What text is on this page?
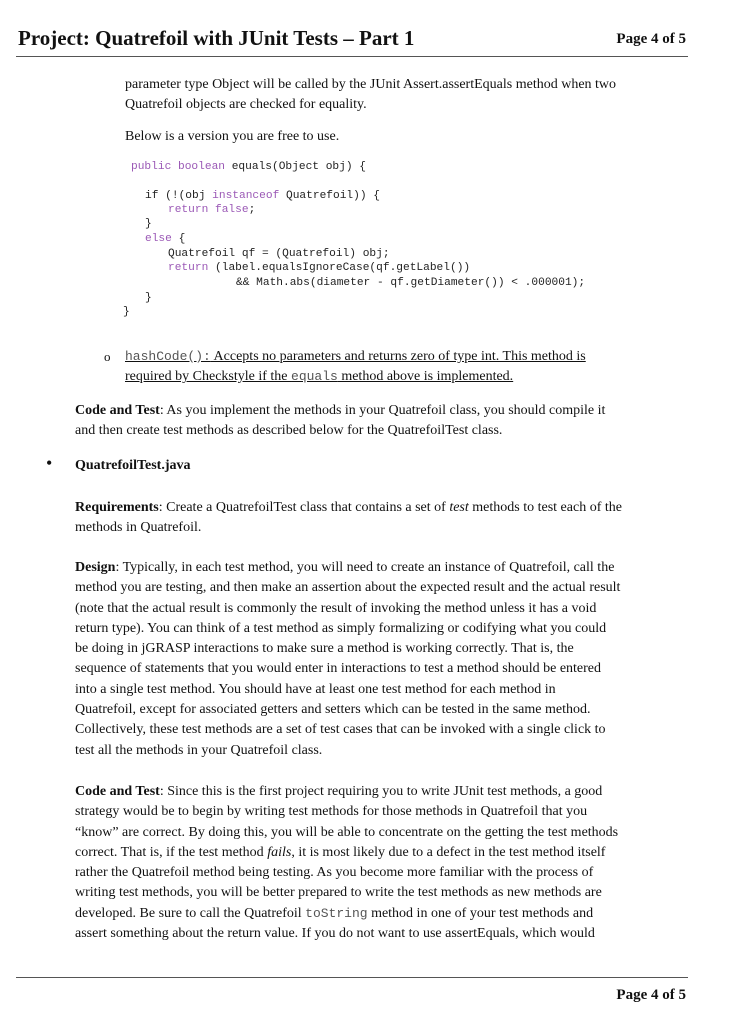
Project: Quatrefoil with JUnit Tests – Part 1	Page 4 of 5

parameter type Object will be called by the JUnit Assert.assertEquals method when two
Quatrefoil objects are checked for equality.

Below is a version you are free to use.

public boolean equals(Object obj) {
if (!(obj instanceof Quatrefoil)) {
return false;
}
else {
Quatrefoil qf = (Quatrefoil) obj;
return (label.equalsIgnoreCase(qf.getLabel())
&& Math.abs(diameter - qf.getDiameter()) < .000001);
}
}
o hashCode(): Accepts no parameters and returns zero of type int. This method is
required by Checkstyle if the equals method above is implemented.

Code and Test: As you implement the methods in your Quatrefoil class, you should compile it
and then create test methods as described below for the QuatrefoilTest class.

• QuatrefoilTest.java

Requirements: Create a QuatrefoilTest class that contains a set of test methods to test each of the
methods in Quatrefoil.

Design: Typically, in each test method, you will need to create an instance of Quatrefoil, call the
method you are testing, and then make an assertion about the expected result and the actual result
(note that the actual result is commonly the result of invoking the method unless it has a void
return type). You can think of a test method as simply formalizing or codifying what you could
be doing in jGRASP interactions to make sure a method is working correctly. That is, the
sequence of statements that you would enter in interactions to test a method should be entered
into a single test method. You should have at least one test method for each method in
Quatrefoil, except for associated getters and setters which can be tested in the same method.
Collectively, these test methods are a set of test cases that can be invoked with a single click to
test all the methods in your Quatrefoil class.

Code and Test: Since this is the first project requiring you to write JUnit test methods, a good
strategy would be to begin by writing test methods for those methods in Quatrefoil that you
“know” are correct. By doing this, you will be able to concentrate on the getting the test methods
correct. That is, if the test method fails, it is most likely due to a defect in the test method itself
rather the Quatrefoil method being testing. As you become more familiar with the process of
writing test methods, you will be better prepared to write the test methods as new methods are
developed. Be sure to call the Quatrefoil toString method in one of your test methods and
assert something about the return value. If you do not want to use assertEquals, which would

Page 4 of 5
